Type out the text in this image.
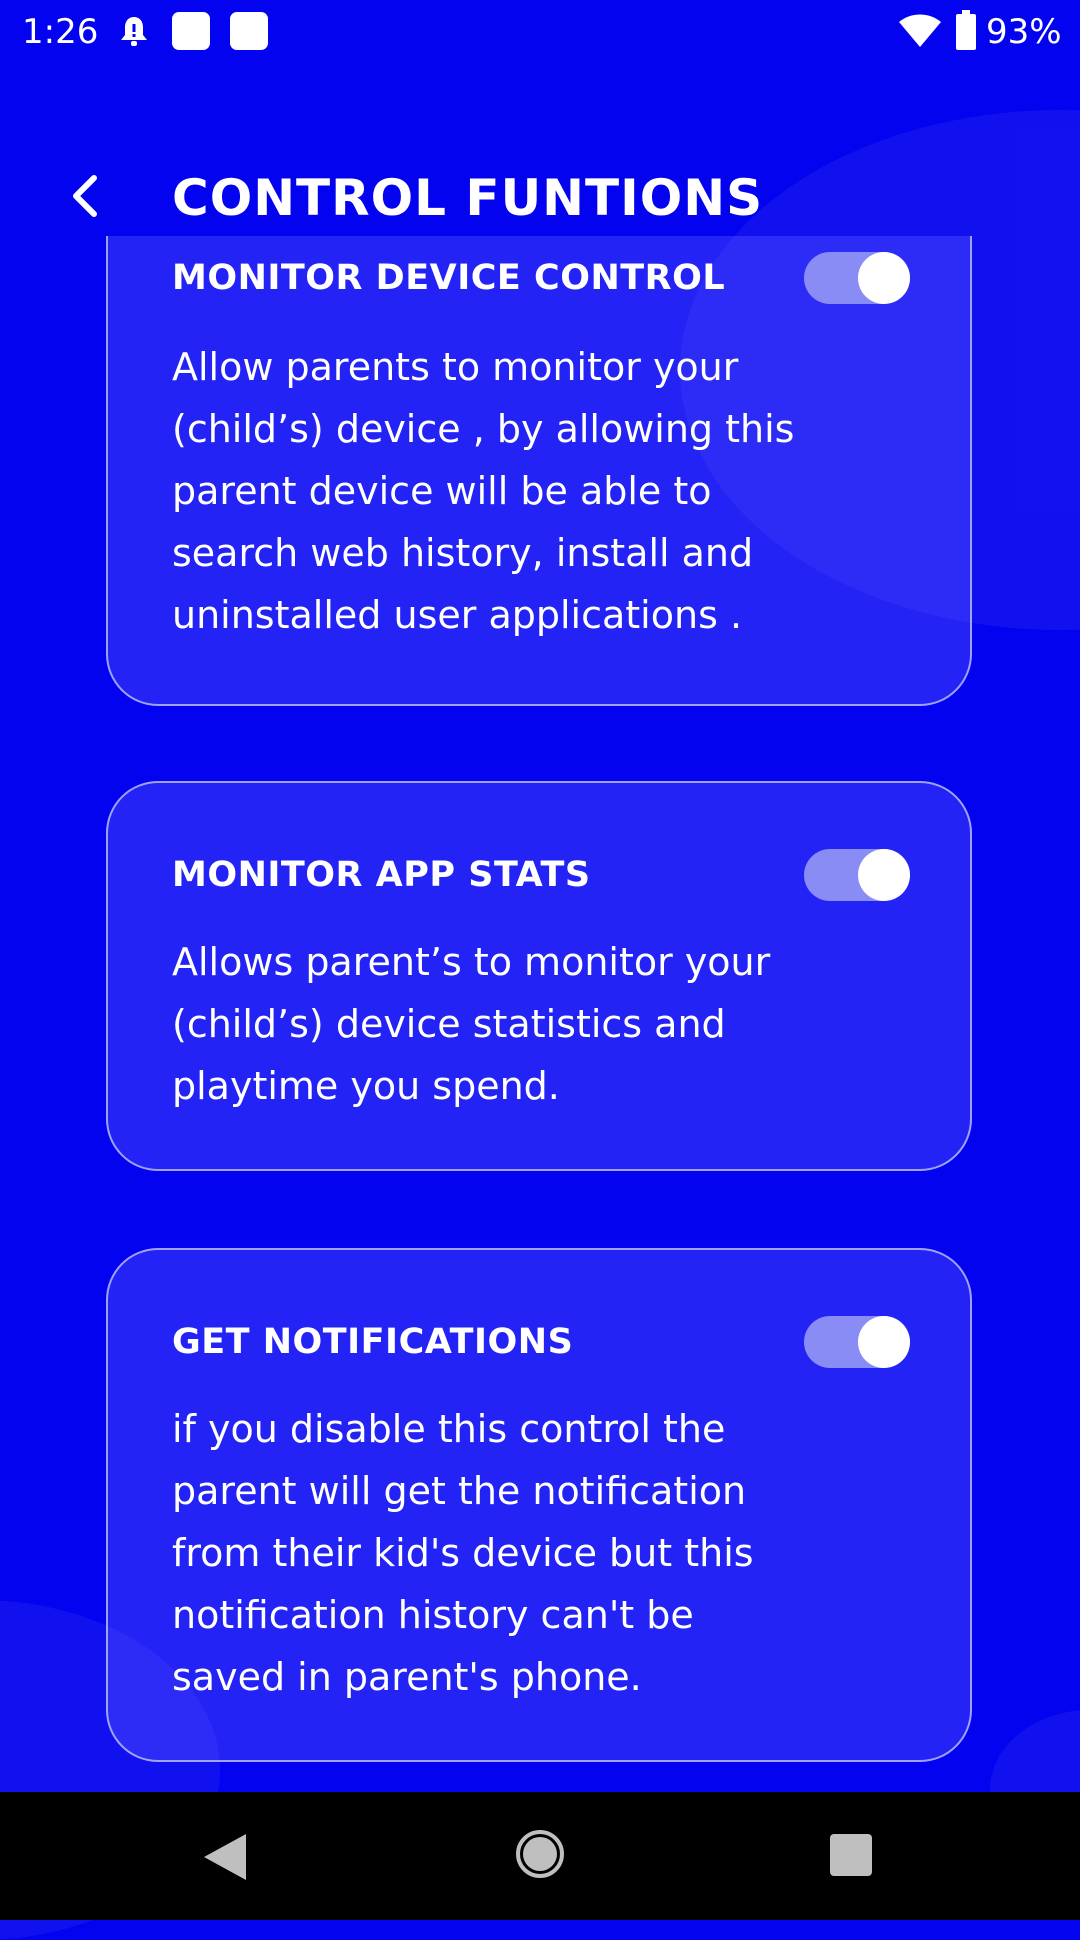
1:26	93%
CONTROL FUNTIONS
MONITOR DEVICE CONTROL
Allow parents to monitor your (child’s) device , by allowing this parent device will be able to search web history, install and uninstalled user applications .
MONITOR APP STATS
Allows parent’s to monitor your (child’s) device statistics and playtime you spend.
GET NOTIFICATIONS
if you disable this control the parent will get the notification from their kid's device but this notification history can't be saved in parent's phone.
